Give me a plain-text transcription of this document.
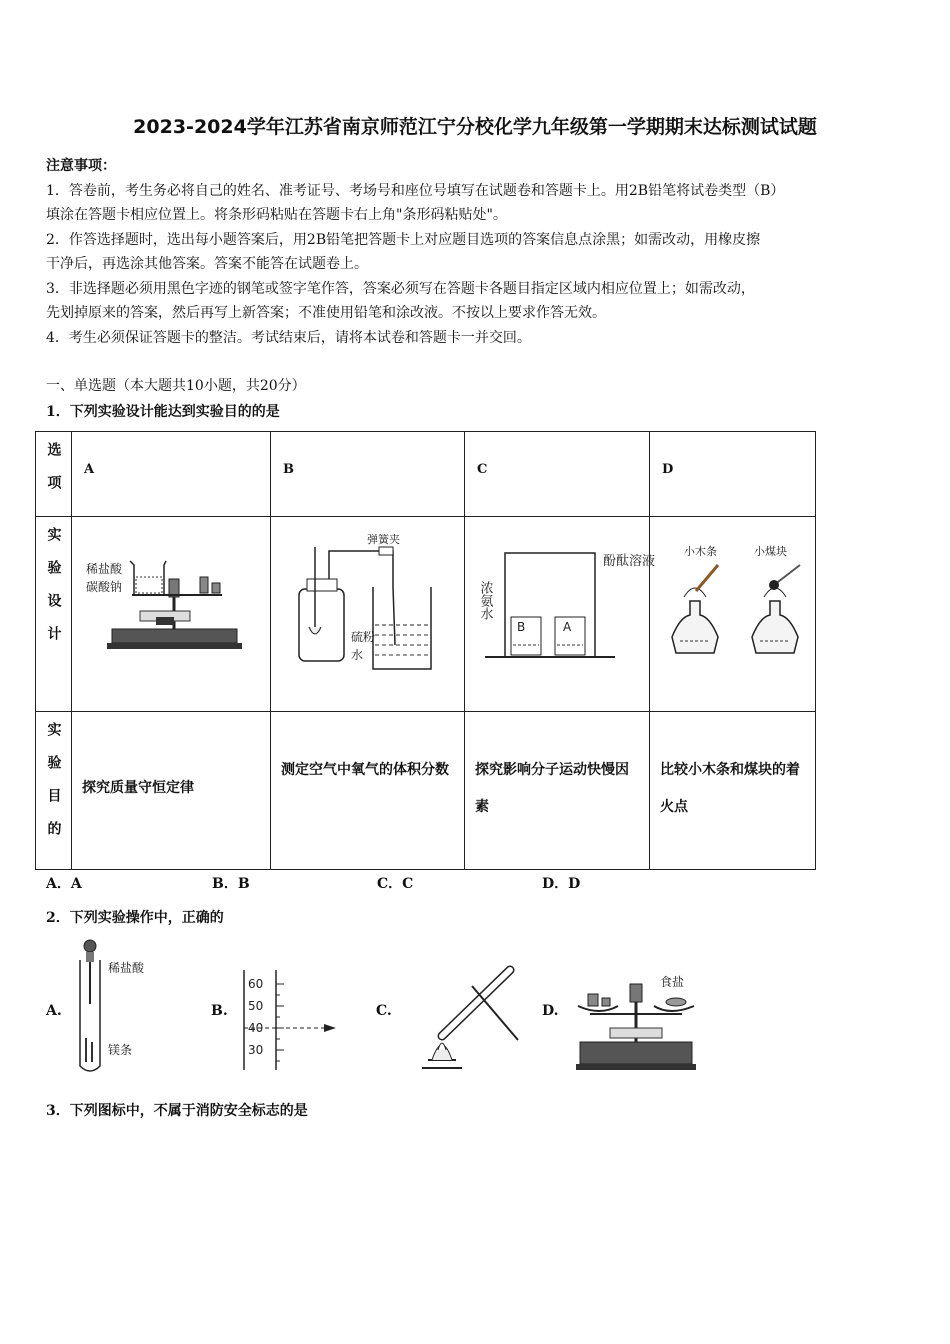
2023-2024学年江苏省南京师范江宁分校化学九年级第一学期期末达标测试试题

注意事项：

1．答卷前，考生务必将自己的姓名、准考证号、考场号和座位号填写在试题卷和答题卡上。用2B铅笔将试卷类型（B）

填涂在答题卡相应位置上。将条形码粘贴在答题卡右上角"条形码粘贴处"。

2．作答选择题时，选出每小题答案后，用2B铅笔把答题卡上对应题目选项的答案信息点涂黑；如需改动，用橡皮擦

干净后，再选涂其他答案。答案不能答在试题卷上。

3．非选择题必须用黑色字迹的钢笔或签字笔作答，答案必须写在答题卡各题目指定区域内相应位置上；如需改动，

先划掉原来的答案，然后再写上新答案；不准使用铅笔和涂改液。不按以上要求作答无效。

4．考生必须保证答题卡的整洁。考试结束后，请将本试卷和答题卡一并交回。

一、单选题（本大题共10小题，共20分）
1．下列实验设计能达到实验目的的是
选项	A	B	C	D

实验设计	稀盐酸
碳酸钠	弹簧夹
硫粉
水	B A
浓氨水
酚酞溶液	小木条 小煤块

实验目的	探究质量守恒定律	测定空气中氧气的体积分数	探究影响分子运动快慢因素	比较小木条和煤块的着火点
A．A	B．B	C．C	D．D
2．下列实验操作中，正确的
A.
稀盐酸
镁条
B.
60
50
40
30
C.	D.
食盐
3．下列图标中，不属于消防安全标志的是
